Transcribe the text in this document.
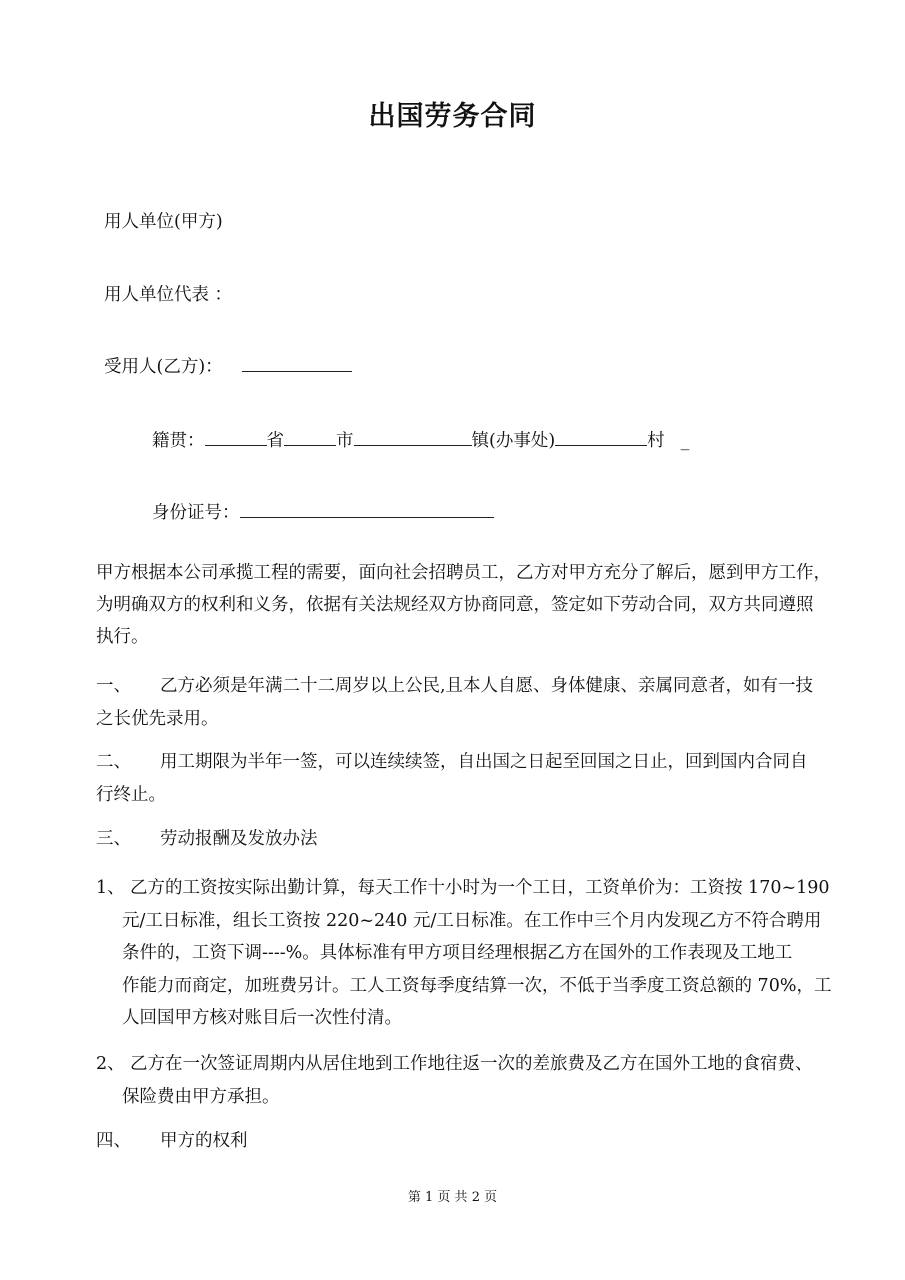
出国劳务合同
用人单位(甲方)
用人单位代表 ：
受用人(乙方)：
籍贯：	省	市	镇(办事处)	村 _
身份证号：
甲方根据本公司承揽工程的需要，面向社会招聘员工，乙方对甲方充分了解后，愿到甲方工作，
为明确双方的权利和义务，依据有关法规经双方协商同意，签定如下劳动合同，双方共同遵照
执行。
一、 乙方必须是年满二十二周岁以上公民,且本人自愿、身体健康、亲属同意者，如有一技
之长优先录用。
二、 用工期限为半年一签，可以连续续签，自出国之日起至回国之日止，回到国内合同自
行终止。
三、 劳动报酬及发放办法
1、 乙方的工资按实际出勤计算，每天工作十小时为一个工日，工资单价为：工资按 170~190
元/工日标准，组长工资按 220~240 元/工日标准。在工作中三个月内发现乙方不符合聘用
条件的，工资下调----%。具体标准有甲方项目经理根据乙方在国外的工作表现及工地工
作能力而商定，加班费另计。工人工资每季度结算一次，不低于当季度工资总额的 70%，工
人回国甲方核对账目后一次性付清。
2、 乙方在一次签证周期内从居住地到工作地往返一次的差旅费及乙方在国外工地的食宿费、
保险费由甲方承担。
四、 甲方的权利
第 1 页 共 2 页
